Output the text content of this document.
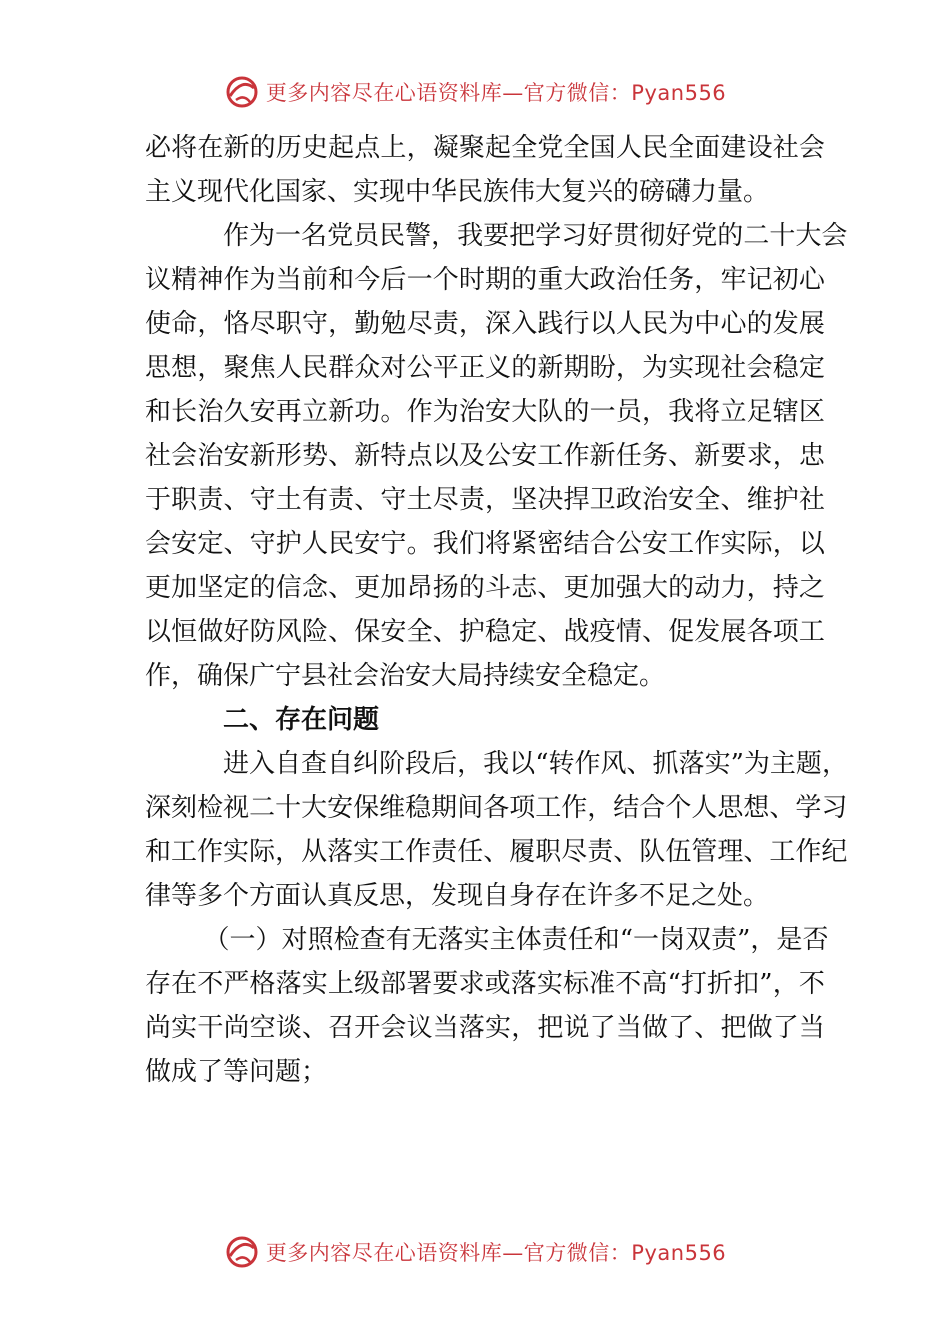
更多内容尽在心语资料库—官方微信：Pyan556
必 将 在 新 的 历 史 起 点 上 ， 凝 聚 起 全 党 全 国 人 民 全 面 建 设 社 会
主义现代化国家、实现中华民族伟大复兴的磅礴力量。
作 为 一 名 党 员 民 警 ， 我 要 把 学 习 好 贯 彻 好 党 的 二 十 大 会
议 精 神 作 为 当 前 和 今 后 一 个 时 期 的 重 大 政 治 任 务 ， 牢 记 初 心
使 命 ， 恪 尽 职 守 ， 勤 勉 尽 责 ， 深 入 践 行 以 人 民 为 中 心 的 发 展
思 想 ， 聚 焦 人 民 群 众 对 公 平 正 义 的 新 期 盼 ， 为 实 现 社 会 稳 定
和 长 治 久 安 再 立 新 功 。 作 为 治 安 大 队 的 一 员 ， 我 将 立 足 辖 区
社 会 治 安 新 形 势 、 新 特 点 以 及 公 安 工 作 新 任 务 、 新 要 求 ， 忠
于 职 责 、 守 土 有 责 、 守 土 尽 责 ， 坚 决 捍 卫 政 治 安 全 、 维 护 社
会 安 定 、 守 护 人 民 安 宁 。 我 们 将 紧 密 结 合 公 安 工 作 实 际 ， 以
更 加 坚 定 的 信 念 、 更 加 昂 扬 的 斗 志 、 更 加 强 大 的 动 力 ， 持 之
以 恒 做 好 防 风 险 、 保 安 全 、 护 稳 定 、 战 疫 情 、 促 发 展 各 项 工
作，确保广宁县社会治安大局持续安全稳定。
二、存在问题
进 入 自 查 自 纠 阶 段 后 ， 我 以 “ 转 作 风 、 抓 落 实 ” 为 主 题 ，
深 刻 检 视 二 十 大 安 保 维 稳 期 间 各 项 工 作 ， 结 合 个 人 思 想 、 学 习
和 工 作 实 际 ， 从 落 实 工 作 责 任 、 履 职 尽 责 、 队 伍 管 理 、 工 作 纪
律等多个方面认真反思，发现自身存在许多不足之处。
（ 一 ） 对 照 检 查 有 无 落 实 主 体 责 任 和 “ 一 岗 双 责 ” ， 是 否
存 在 不 严 格 落 实 上 级 部 署 要 求 或 落 实 标 准 不 高 “ 打 折 扣 ” ， 不
尚 实 干 尚 空 谈 、 召 开 会 议 当 落 实 ， 把 说 了 当 做 了 、 把 做 了 当
做成了等问题；
更多内容尽在心语资料库—官方微信：Pyan556
